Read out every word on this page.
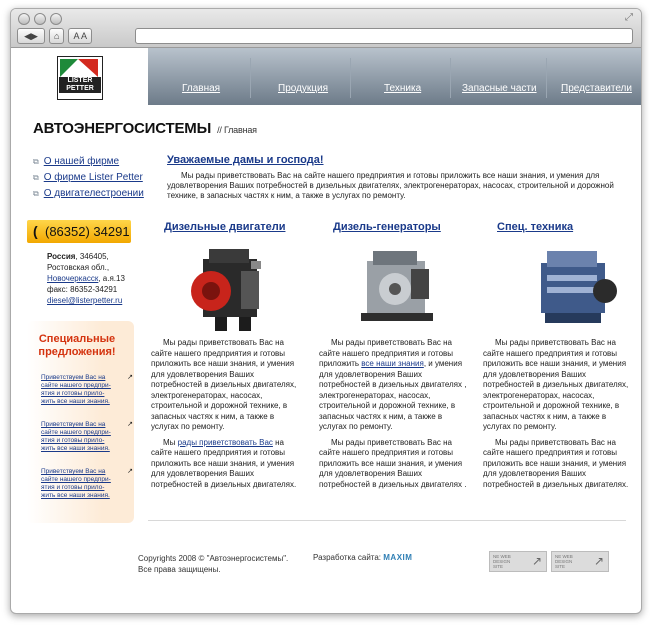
⤢
◀▶	⌂	A A
LISTER
PETTER	Главная	Продукция	Техника	Запасные части Представители
АВТОЭНЕРГОСИСТЕМЫ // Главная
⧉ О нашей фирме
⧉ О фирме Lister Petter
⧉ О двигателестроении
( (86352) 34291
Россия, 346405,
Ростовская обл.,
Новочеркасск, а.я.13
факс: 86352-34291
diesel@listerpetter.ru
Специальные
предложения!
Приветствуем Вас на
сайте нашего предпри-
ятия и готовы прило-
жить все наши знания.
↗
Приветствуем Вас на
сайте нашего предпри-
ятия и готовы прило-
жить все наши знания.
↗
Приветствуем Вас на
сайте нашего предпри-
ятия и готовы прило-
жить все наши знания.
↗
Уважаемые дамы и господа!
Мы рады приветствовать Вас на сайте нашего предприятия и готовы приложить все наши знания, и умения для удовлетворения Ваших потребностей в дизельных двигателях, электрогенераторах, насосах, строительной и дорожной технике, в запасных частях к ним, а также в услугах по ремонту.
Дизельные двигатели

Мы рады приветствовать Вас на сайте нашего предприятия и готовы приложить все наши знания, и умения для удовлетворения Ваших потребностей в дизельных двигателях, электрогенераторах, насосах, строительной и дорожной технике, в запасных частях к ним, а также в услугах по ремонту.

Мы рады приветствовать Вас на сайте нашего предприятия и готовы приложить все наши знания, и умения для удовлетворения Ваших потребностей в дизельных двигателях.

Дизель-генераторы

Мы рады приветствовать Вас на сайте нашего предприятия и готовы приложить все наши знания, и умения для удовлетворения Ваших потребностей в дизельных двигателях , электрогенераторах, насосах, строительной и дорожной технике, в запасных частях к ним, а также в услугах по ремонту.

Мы рады приветствовать Вас на сайте нашего предприятия и готовы приложить все наши знания, и умения для удовлетворения Ваших потребностей в дизельных двигателях .

Спец. техника

Мы рады приветствовать Вас на сайте нашего предприятия и готовы приложить все наши знания, и умения для удовлетворения Ваших потребностей в дизельных двигателях, электрогенераторах, насосах, строительной и дорожной технике, в запасных частях к ним, а также в услугах по ремонту.

Мы рады приветствовать Вас на сайте нашего предприятия и готовы приложить все наши знания, и умения для удовлетворения Ваших потребностей в дизельных двигателях.

Copyrights 2008 © "Автоэнергосистемы".
Все права защищены.
Разработка сайта: MAXIM	NE WEB
DESIGN
SITE	↗	NE WEB
DESIGN
SITE	↗
